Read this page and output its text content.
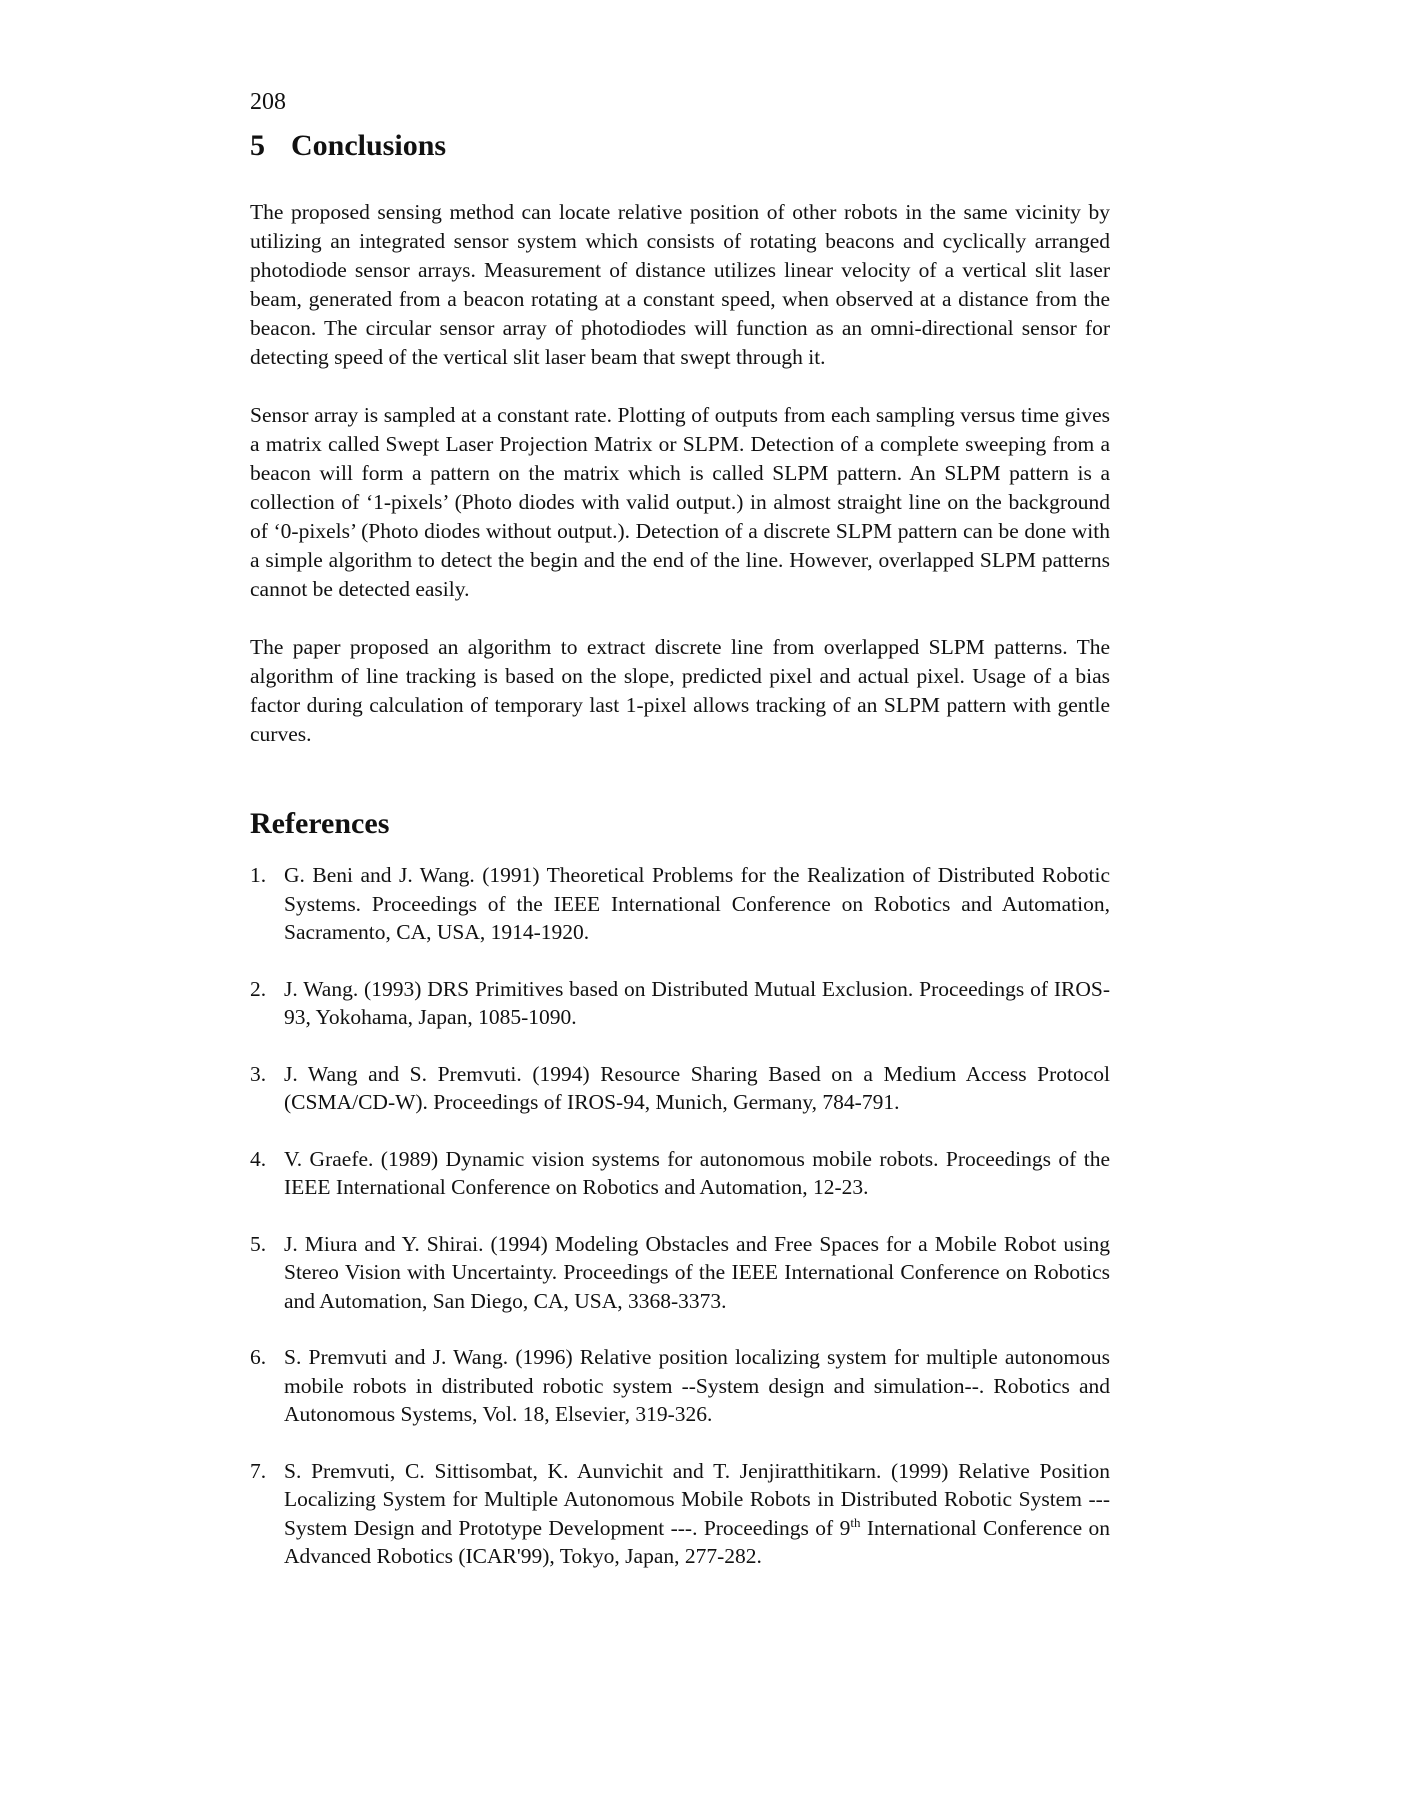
208

5 Conclusions

The proposed sensing method can locate relative position of other robots in the same vicinity by utilizing an integrated sensor system which consists of rotating beacons and cyclically arranged photodiode sensor arrays. Measurement of distance utilizes linear velocity of a vertical slit laser beam, generated from a beacon rotating at a constant speed, when observed at a distance from the beacon. The circular sensor array of photodiodes will function as an omni-directional sensor for detecting speed of the vertical slit laser beam that swept through it.

Sensor array is sampled at a constant rate. Plotting of outputs from each sampling versus time gives a matrix called Swept Laser Projection Matrix or SLPM. Detection of a complete sweeping from a beacon will form a pattern on the matrix which is called SLPM pattern. An SLPM pattern is a collection of ‘1-pixels’ (Photo diodes with valid output.) in almost straight line on the background of ‘0-pixels’ (Photo diodes without output.). Detection of a discrete SLPM pattern can be done with a simple algorithm to detect the begin and the end of the line. However, overlapped SLPM patterns cannot be detected easily.

The paper proposed an algorithm to extract discrete line from overlapped SLPM patterns. The algorithm of line tracking is based on the slope, predicted pixel and actual pixel. Usage of a bias factor during calculation of temporary last 1-pixel allows tracking of an SLPM pattern with gentle curves.

References
1. G. Beni and J. Wang. (1991) Theoretical Problems for the Realization of Distributed Robotic Systems. Proceedings of the IEEE International Conference on Robotics and Automation, Sacramento, CA, USA, 1914-1920.
2. J. Wang. (1993) DRS Primitives based on Distributed Mutual Exclusion. Proceedings of IROS-93, Yokohama, Japan, 1085-1090.
3. J. Wang and S. Premvuti. (1994) Resource Sharing Based on a Medium Access Protocol (CSMA/CD-W). Proceedings of IROS-94, Munich, Germany, 784-791.
4. V. Graefe. (1989) Dynamic vision systems for autonomous mobile robots. Proceedings of the IEEE International Conference on Robotics and Automation, 12-23.
5. J. Miura and Y. Shirai. (1994) Modeling Obstacles and Free Spaces for a Mobile Robot using Stereo Vision with Uncertainty. Proceedings of the IEEE International Conference on Robotics and Automation, San Diego, CA, USA, 3368-3373.
6. S. Premvuti and J. Wang. (1996) Relative position localizing system for multiple autonomous mobile robots in distributed robotic system --System design and simulation--. Robotics and Autonomous Systems, Vol. 18, Elsevier, 319-326.
7. S. Premvuti, C. Sittisombat, K. Aunvichit and T. Jenjiratthitikarn. (1999) Relative Position Localizing System for Multiple Autonomous Mobile Robots in Distributed Robotic System --- System Design and Prototype Development ---. Proceedings of 9th International Conference on Advanced Robotics (ICAR'99), Tokyo, Japan, 277-282.
